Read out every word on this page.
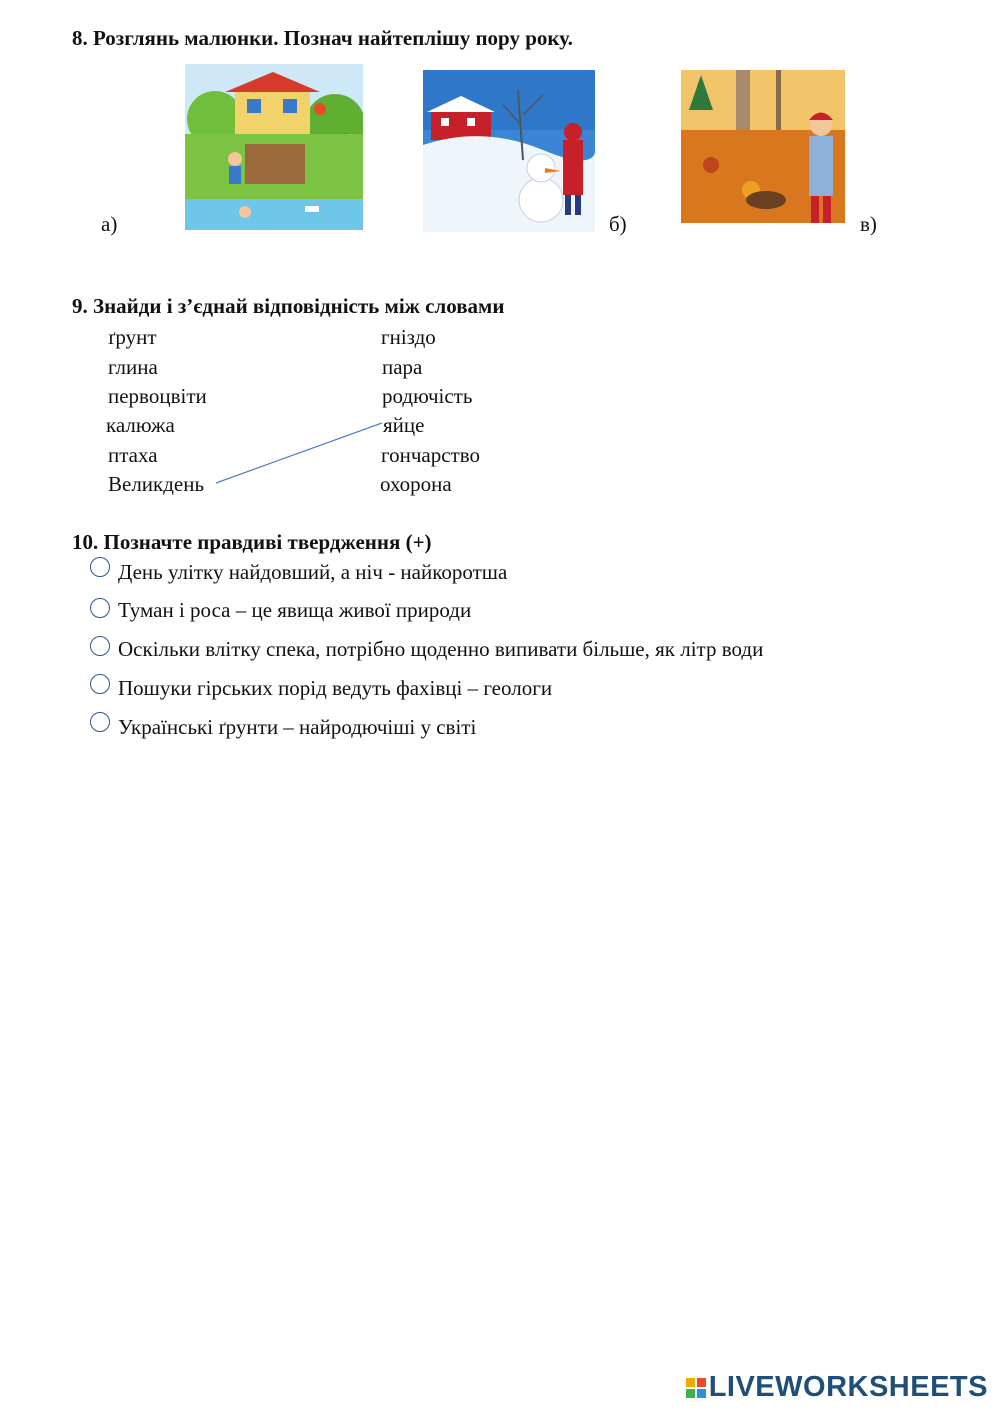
8. Розглянь малюнки. Познач найтеплішу пору року.
а)	б)	в)
9. Знайди і з’єднай відповідність між словами
ґрунт
глина
первоцвіти
калюжа
птаха
Великдень
гніздо
пара
родючість
яйце
гончарство
охорона
10. Позначте правдиві твердження (+)
День улітку найдовший, а ніч - найкоротша
Туман і роса – це явища живої природи
Оскільки влітку спека, потрібно щоденно випивати більше, як літр води
Пошуки гірських порід ведуть фахівці – геологи
Українські ґрунти – найродючіші у світі
LIVEWORKSHEETS
